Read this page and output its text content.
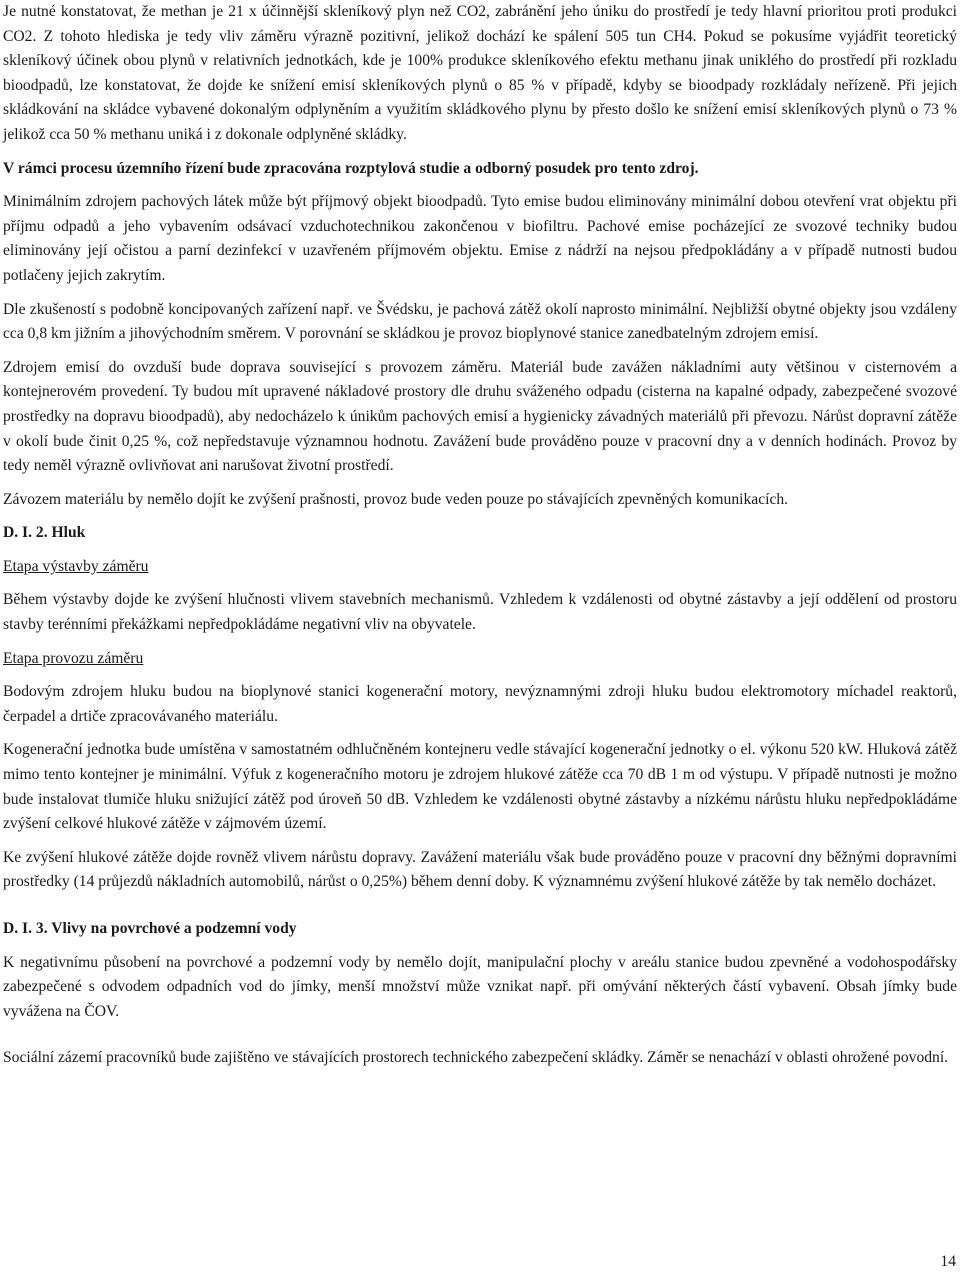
Je nutné konstatovat, že methan je 21 x účinnější skleníkový plyn než CO2, zabránění jeho úniku do prostředí je tedy hlavní prioritou proti produkci CO2. Z tohoto hlediska je tedy vliv záměru výrazně pozitivní, jelikož dochází ke spálení 505 tun CH4. Pokud se pokusíme vyjádřit teoretický skleníkový účinek obou plynů v relativních jednotkách, kde je 100% produkce skleníkového efektu methanu jinak uniklého do prostředí při rozkladu bioodpadů, lze konstatovat, že dojde ke snížení emisí skleníkových plynů o 85 % v případě, kdyby se bioodpady rozkládaly neřízeně. Při jejich skládkování na skládce vybavené dokonalým odplyněním a využitím skládkového plynu by přesto došlo ke snížení emisí skleníkových plynů o 73 % jelikož cca 50 % methanu uniká i z dokonale odplyněné skládky.

V rámci procesu územního řízení bude zpracována rozptylová studie a odborný posudek pro tento zdroj.

Minimálním zdrojem pachových látek může být příjmový objekt bioodpadů. Tyto emise budou eliminovány minimální dobou otevření vrat objektu při příjmu odpadů a jeho vybavením odsávací vzduchotechnikou zakončenou v biofiltru. Pachové emise pocházející ze svozové techniky budou eliminovány její očistou a parní dezinfekcí v uzavřeném příjmovém objektu. Emise z nádrží na nejsou předpokládány a v případě nutnosti budou potlačeny jejich zakrytím.

Dle zkušeností s podobně koncipovaných zařízení např. ve Švédsku, je pachová zátěž okolí naprosto minimální. Nejbližší obytné objekty jsou vzdáleny cca 0,8 km jižním a jihovýchodním směrem. V porovnání se skládkou je provoz bioplynové stanice zanedbatelným zdrojem emisí.

Zdrojem emisí do ovzduší bude doprava související s provozem záměru. Materiál bude zavážen nákladními auty většinou v cisternovém a kontejnerovém provedení. Ty budou mít upravené nákladové prostory dle druhu sváženého odpadu (cisterna na kapalné odpady, zabezpečené svozové prostředky na dopravu bioodpadů), aby nedocházelo k únikům pachových emisí a hygienicky závadných materiálů při převozu. Nárůst dopravní zátěže v okolí bude činit 0,25 %, což nepředstavuje významnou hodnotu. Zavážení bude prováděno pouze v pracovní dny a v denních hodinách. Provoz by tedy neměl výrazně ovlivňovat ani narušovat životní prostředí.

Závozem materiálu by nemělo dojít ke zvýšení prašnosti, provoz bude veden pouze po stávajících zpevněných komunikacích.

D. I. 2. Hluk

Etapa výstavby záměru

Během výstavby dojde ke zvýšení hlučnosti vlivem stavebních mechanismů. Vzhledem k vzdálenosti od obytné zástavby a její oddělení od prostoru stavby terénními překážkami nepředpokládáme negativní vliv na obyvatele.

Etapa provozu záměru

Bodovým zdrojem hluku budou na bioplynové stanici kogenerační motory, nevýznamnými zdroji hluku budou elektromotory míchadel reaktorů, čerpadel a drtiče zpracovávaného materiálu.

Kogenerační jednotka bude umístěna v samostatném odhlučněném kontejneru vedle stávající kogenerační jednotky o el. výkonu 520 kW. Hluková zátěž mimo tento kontejner je minimální. Výfuk z kogeneračního motoru je zdrojem hlukové zátěže cca 70 dB 1 m od výstupu. V případě nutnosti je možno bude instalovat tlumiče hluku snižující zátěž pod úroveň 50 dB. Vzhledem ke vzdálenosti obytné zástavby a nízkému nárůstu hluku nepředpokládáme zvýšení celkové hlukové zátěže v zájmovém území.

Ke zvýšení hlukové zátěže dojde rovněž vlivem nárůstu dopravy. Zavážení materiálu však bude prováděno pouze v pracovní dny běžnými dopravními prostředky (14 průjezdů nákladních automobilů, nárůst o 0,25%) během denní doby. K významnému zvýšení hlukové zátěže by tak nemělo docházet.

D. I. 3. Vlivy na povrchové a podzemní vody

K negativnímu působení na povrchové a podzemní vody by nemělo dojít, manipulační plochy v areálu stanice budou zpevněné a vodohospodářsky zabezpečené s odvodem odpadních vod do jímky, menší množství může vznikat např. při omývání některých částí vybavení. Obsah jímky bude vyvážena na ČOV.

Sociální zázemí pracovníků bude zajištěno ve stávajících prostorech technického zabezpečení skládky. Záměr se nenachází v oblasti ohrožené povodní.

14
